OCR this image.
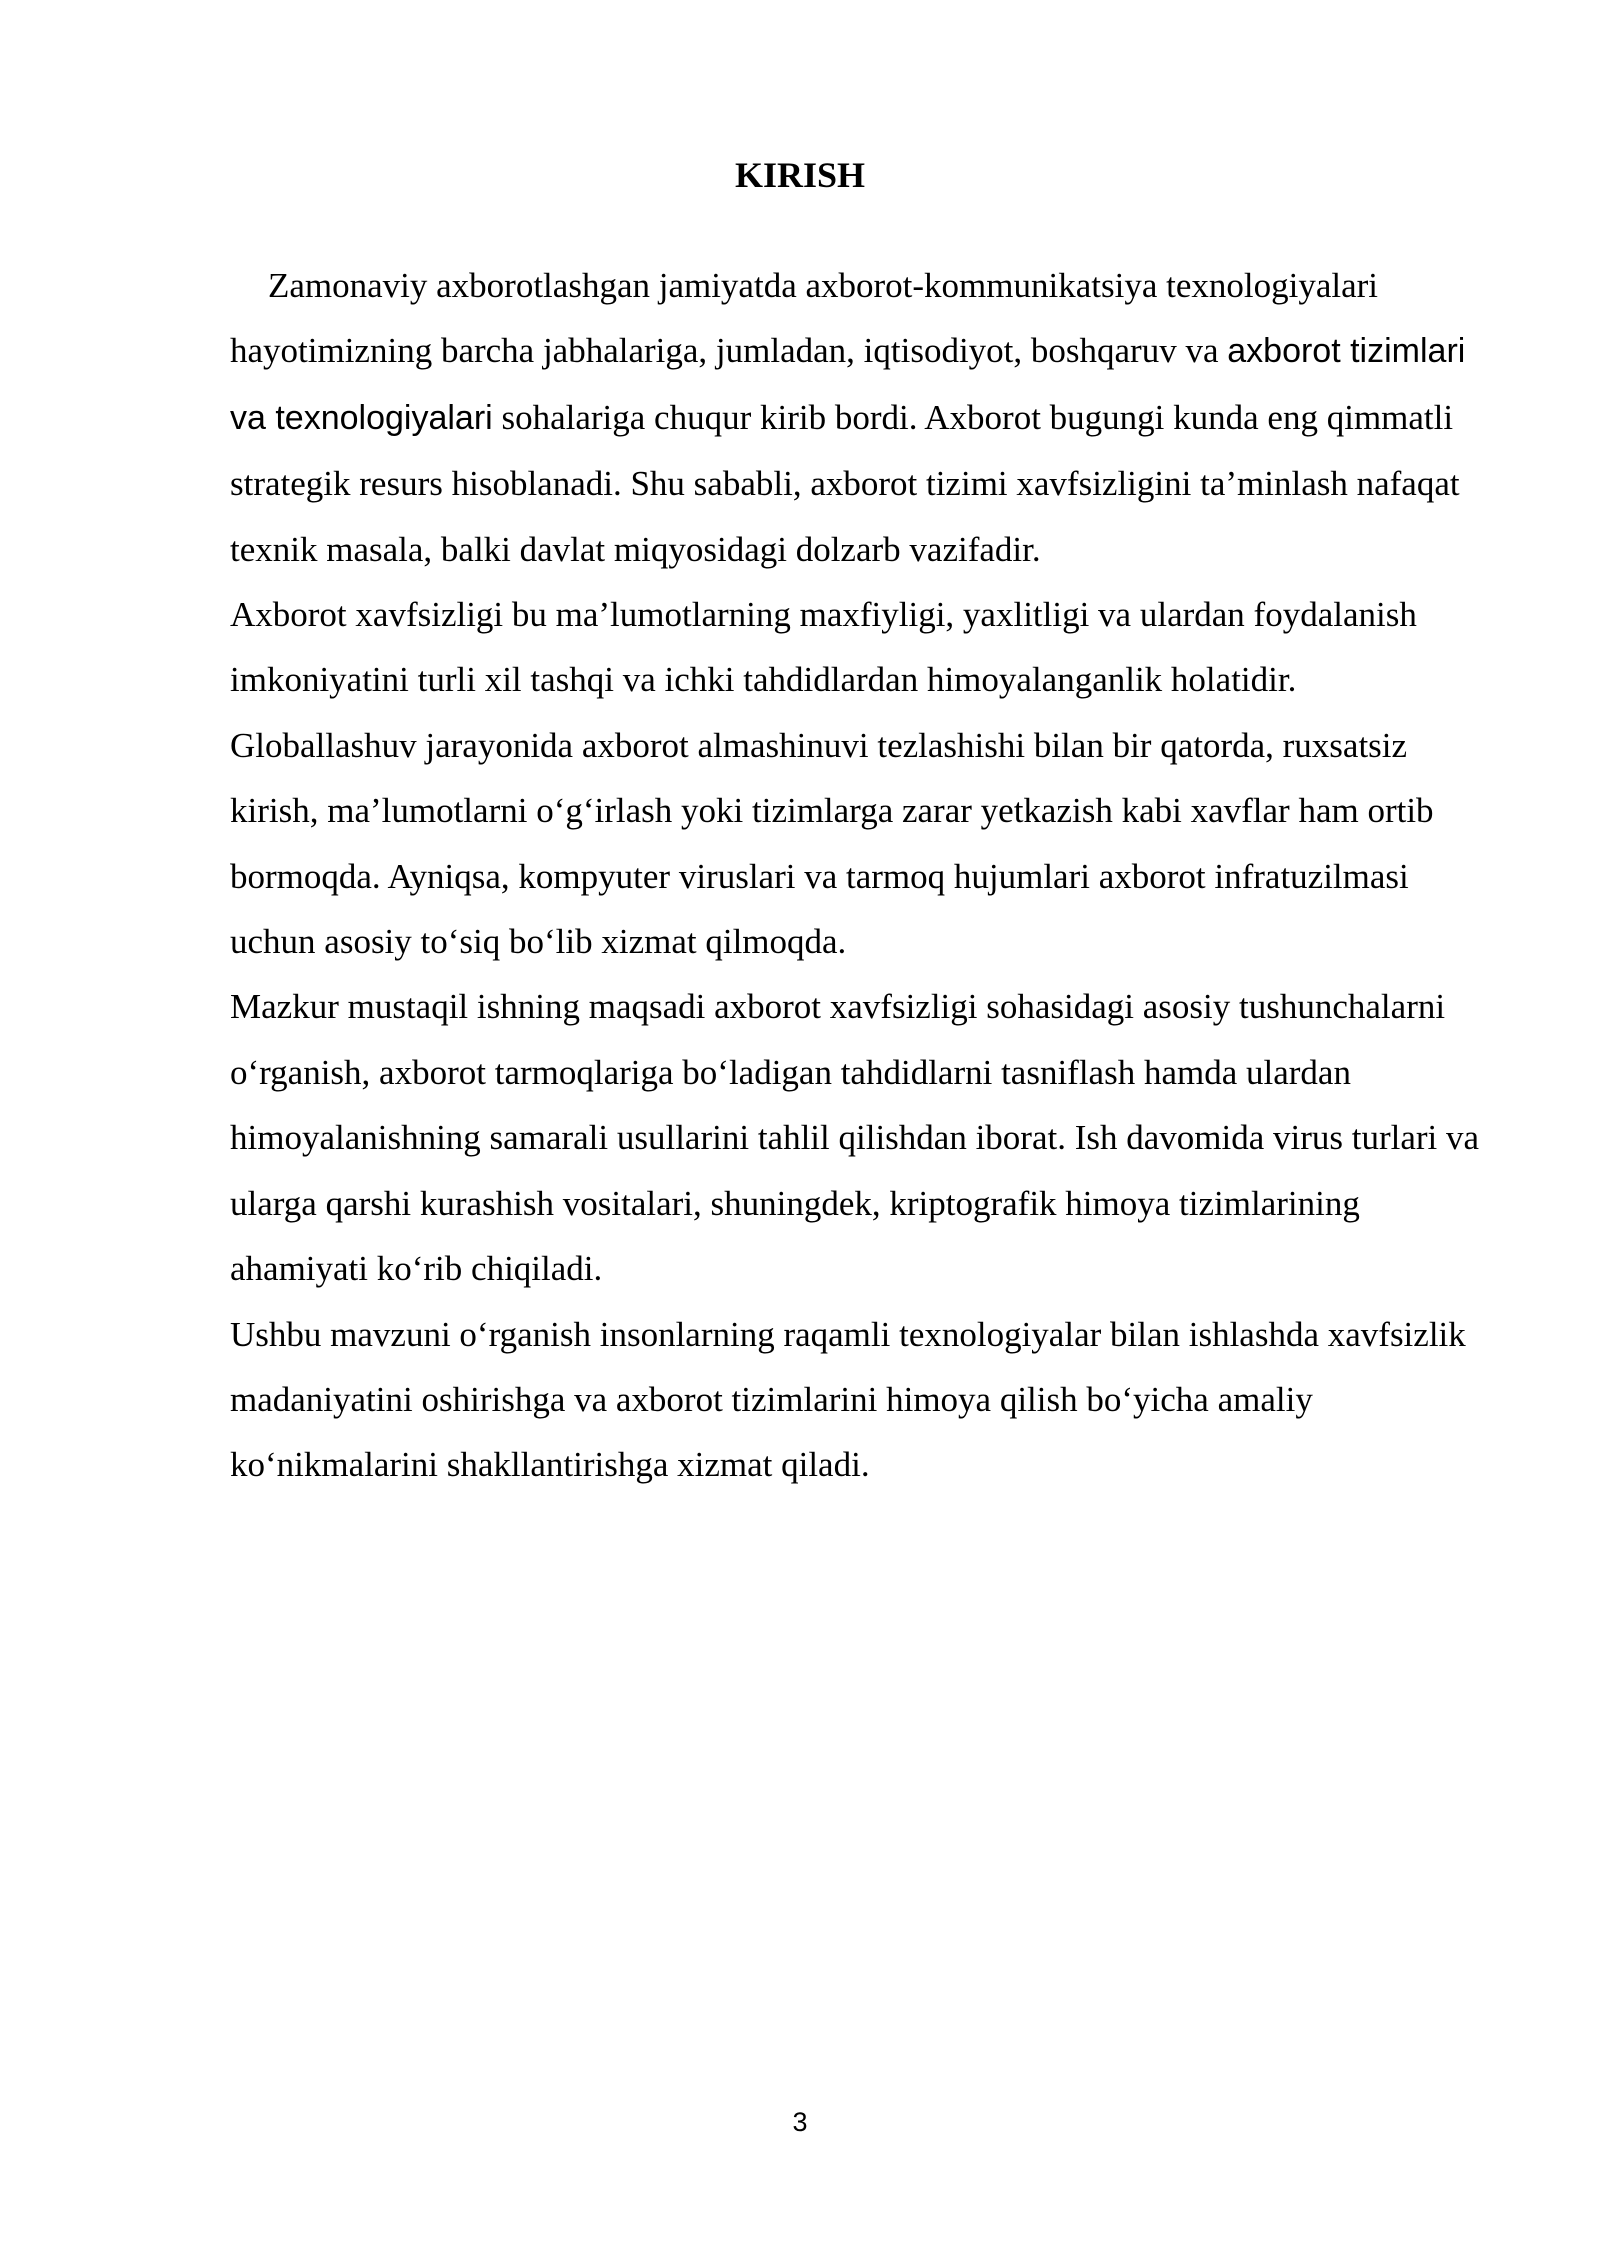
KIRISH

Zamonaviy axborotlashgan jamiyatda axborot-kommunikatsiya texnologiyalari hayotimizning barcha jabhalariga, jumladan, iqtisodiyot, boshqaruv va axborot tizimlari va texnologiyalari sohalariga chuqur kirib bordi. Axborot bugungi kunda eng qimmatli strategik resurs hisoblanadi. Shu sababli, axborot tizimi xavfsizligini ta’minlash nafaqat texnik masala, balki davlat miqyosidagi dolzarb vazifadir.

Axborot xavfsizligi bu ma’lumotlarning maxfiyligi, yaxlitligi va ulardan foydalanish imkoniyatini turli xil tashqi va ichki tahdidlardan himoyalanganlik holatidir. Globallashuv jarayonida axborot almashinuvi tezlashishi bilan bir qatorda, ruxsatsiz kirish, ma’lumotlarni o‘g‘irlash yoki tizimlarga zarar yetkazish kabi xavflar ham ortib bormoqda. Ayniqsa, kompyuter viruslari va tarmoq hujumlari axborot infratuzilmasi uchun asosiy to‘siq bo‘lib xizmat qilmoqda.

Mazkur mustaqil ishning maqsadi axborot xavfsizligi sohasidagi asosiy tushunchalarni o‘rganish, axborot tarmoqlariga bo‘ladigan tahdidlarni tasniflash hamda ulardan himoyalanishning samarali usullarini tahlil qilishdan iborat. Ish davomida virus turlari va ularga qarshi kurashish vositalari, shuningdek, kriptografik himoya tizimlarining ahamiyati ko‘rib chiqiladi.

Ushbu mavzuni o‘rganish insonlarning raqamli texnologiyalar bilan ishlashda xavfsizlik madaniyatini oshirishga va axborot tizimlarini himoya qilish bo‘yicha amaliy ko‘nikmalarini shakllantirishga xizmat qiladi.

3
